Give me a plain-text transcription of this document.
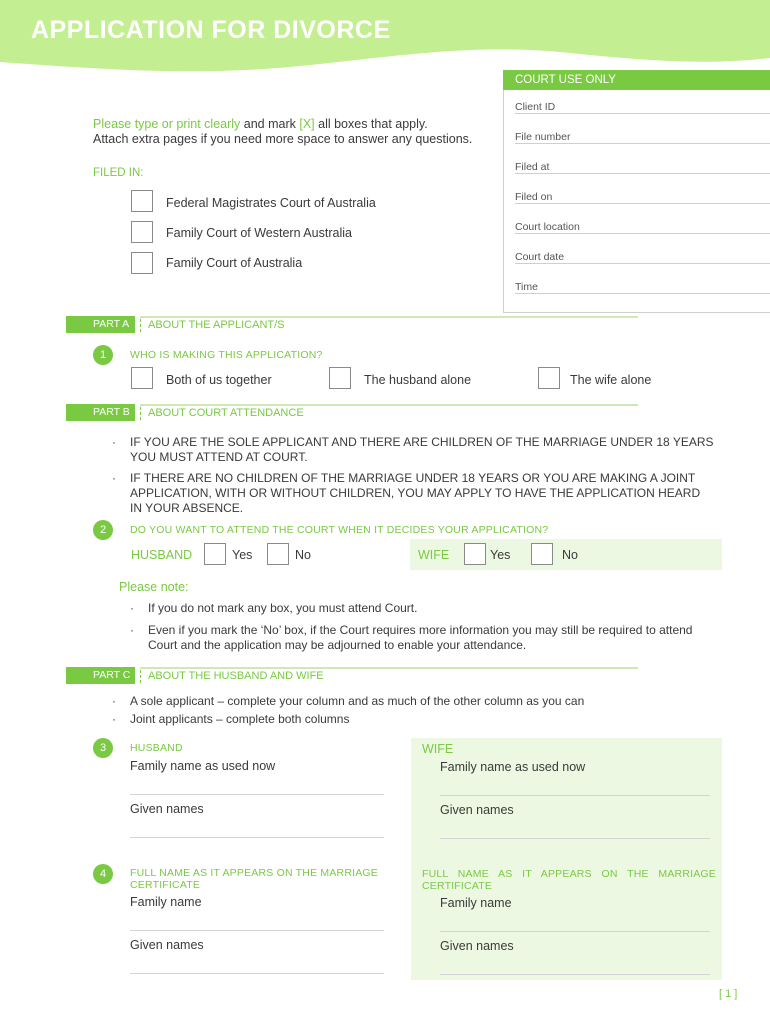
APPLICATION FOR DIVORCE
COURT USE ONLY
Client ID
File number
Filed at
Filed on
Court location
Court date
Time
Please type or print clearly and mark [X] all boxes that apply.
Attach extra pages if you need more space to answer any questions.
FILED IN:
Federal Magistrates Court of Australia
Family Court of Western Australia
Family Court of Australia
PART A	ABOUT THE APPLICANT/S
1	WHO IS MAKING THIS APPLICATION?
Both of us together	The husband alone	The wife alone
PART B	ABOUT COURT ATTENDANCE
· IF YOU ARE THE SOLE APPLICANT AND THERE ARE CHILDREN OF THE MARRIAGE UNDER 18 YEARS YOU MUST ATTEND AT COURT.
· IF THERE ARE NO CHILDREN OF THE MARRIAGE UNDER 18 YEARS OR YOU ARE MAKING A JOINT APPLICATION, WITH OR WITHOUT CHILDREN, YOU MAY APPLY TO HAVE THE APPLICATION HEARD IN YOUR ABSENCE.
2	DO YOU WANT TO ATTEND THE COURT WHEN IT DECIDES YOUR APPLICATION?
HUSBAND	Yes	No	WIFE	Yes	No
Please note:
· If you do not mark any box, you must attend Court.
· Even if you mark the ‘No’ box, if the Court requires more information you may still be required to attend Court and the application may be adjourned to enable your attendance.
PART C	ABOUT THE HUSBAND AND WIFE
· A sole applicant – complete your column and as much of the other column as you can
· Joint applicants – complete both columns
3	HUSBAND	WIFE
Family name as used now	Family name as used now
Given names	Given names
4	FULL NAME AS IT APPEARS ON THE MARRIAGE CERTIFICATE
FULL NAME AS IT APPEARS ON THE MARRIAGE CERTIFICATE
Family name	Family name
Given names	Given names
[ 1 ]
